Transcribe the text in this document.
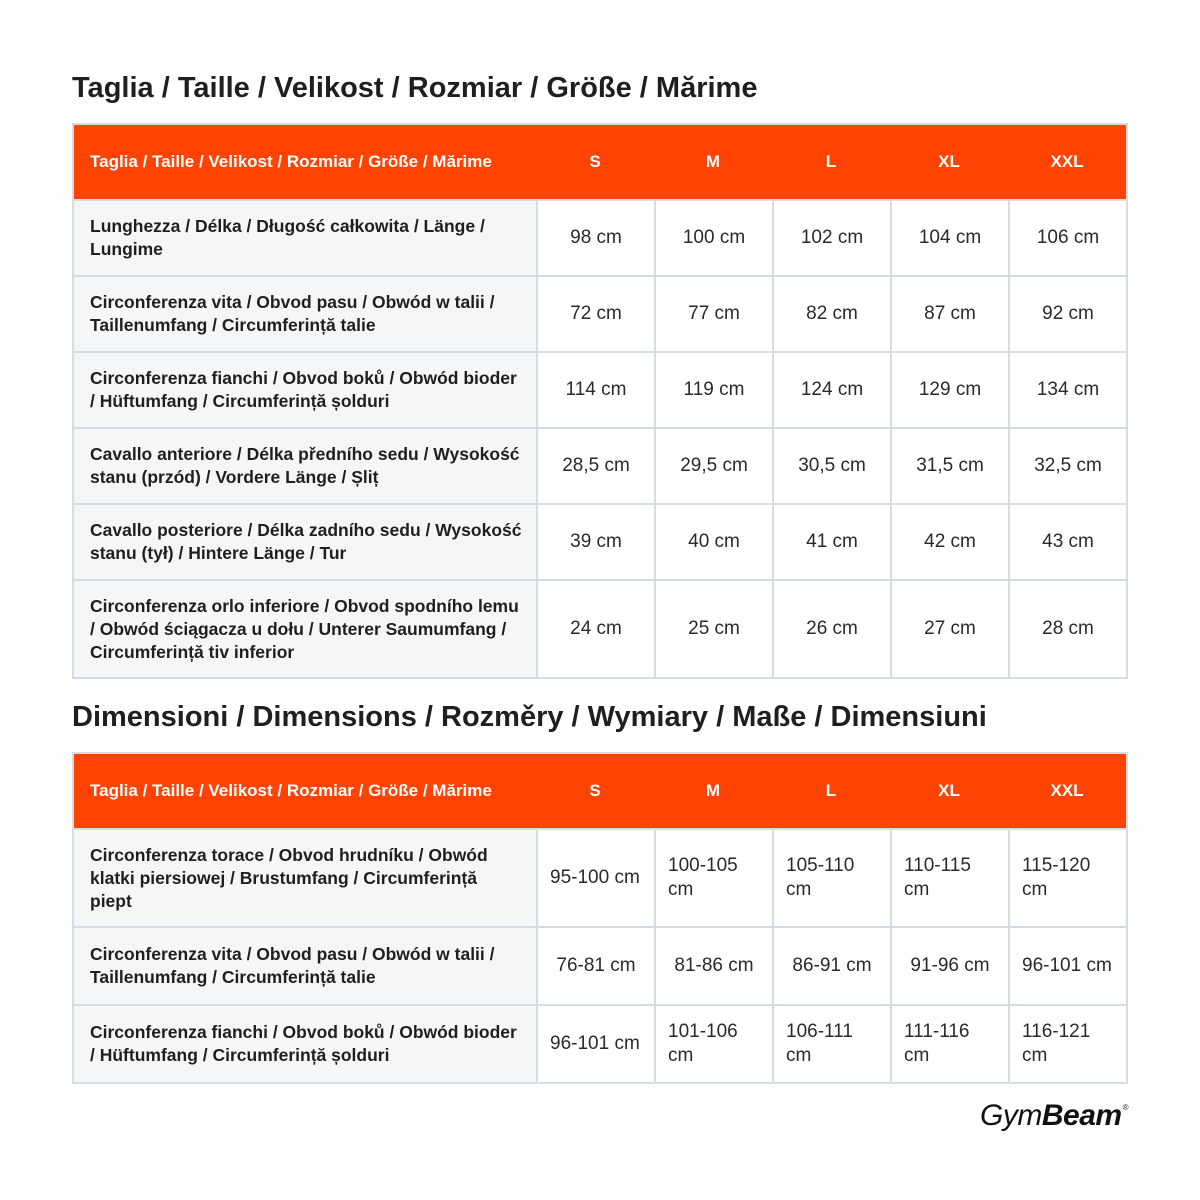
Taglia / Taille / Velikost / Rozmiar / Größe / Mărime
Taglia / Taille / Velikost / Rozmiar / Größe / Mărime	S	M	L	XL	XXL
Lunghezza / Délka / Długość całkowita / Länge / Lungime	98 cm	100 cm	102 cm	104 cm	106 cm
Circonferenza vita / Obvod pasu / Obwód w talii / Taillenumfang / Circumferință talie	72 cm	77 cm	82 cm	87 cm	92 cm
Circonferenza fianchi / Obvod boků / Obwód bioder / Hüftumfang / Circumferință șolduri	114 cm	119 cm	124 cm	129 cm	134 cm
Cavallo anteriore / Délka předního sedu / Wysokość stanu (przód) / Vordere Länge / Șliț	28,5 cm	29,5 cm	30,5 cm	31,5 cm	32,5 cm
Cavallo posteriore / Délka zadního sedu / Wysokość stanu (tył) / Hintere Länge / Tur	39 cm	40 cm	41 cm	42 cm	43 cm
Circonferenza orlo inferiore / Obvod spodního lemu / Obwód ściągacza u dołu / Unterer Saumumfang / Circumferință tiv inferior	24 cm	25 cm	26 cm	27 cm	28 cm
Dimensioni / Dimensions / Rozměry / Wymiary / Maße / Dimensiuni
Taglia / Taille / Velikost / Rozmiar / Größe / Mărime	S	M	L	XL	XXL
Circonferenza torace / Obvod hrudníku / Obwód klatki piersiowej / Brustumfang / Circumferință piept	95-100 cm	100-105 cm	105-110 cm	110-115 cm	115-120 cm
Circonferenza vita / Obvod pasu / Obwód w talii / Taillenumfang / Circumferință talie	76-81 cm	81-86 cm	86-91 cm	91-96 cm	96-101 cm
Circonferenza fianchi / Obvod boků / Obwód bioder / Hüftumfang / Circumferință șolduri	96-101 cm	101-106 cm	106-111 cm	111-116 cm	116-121 cm
GymBeam®
